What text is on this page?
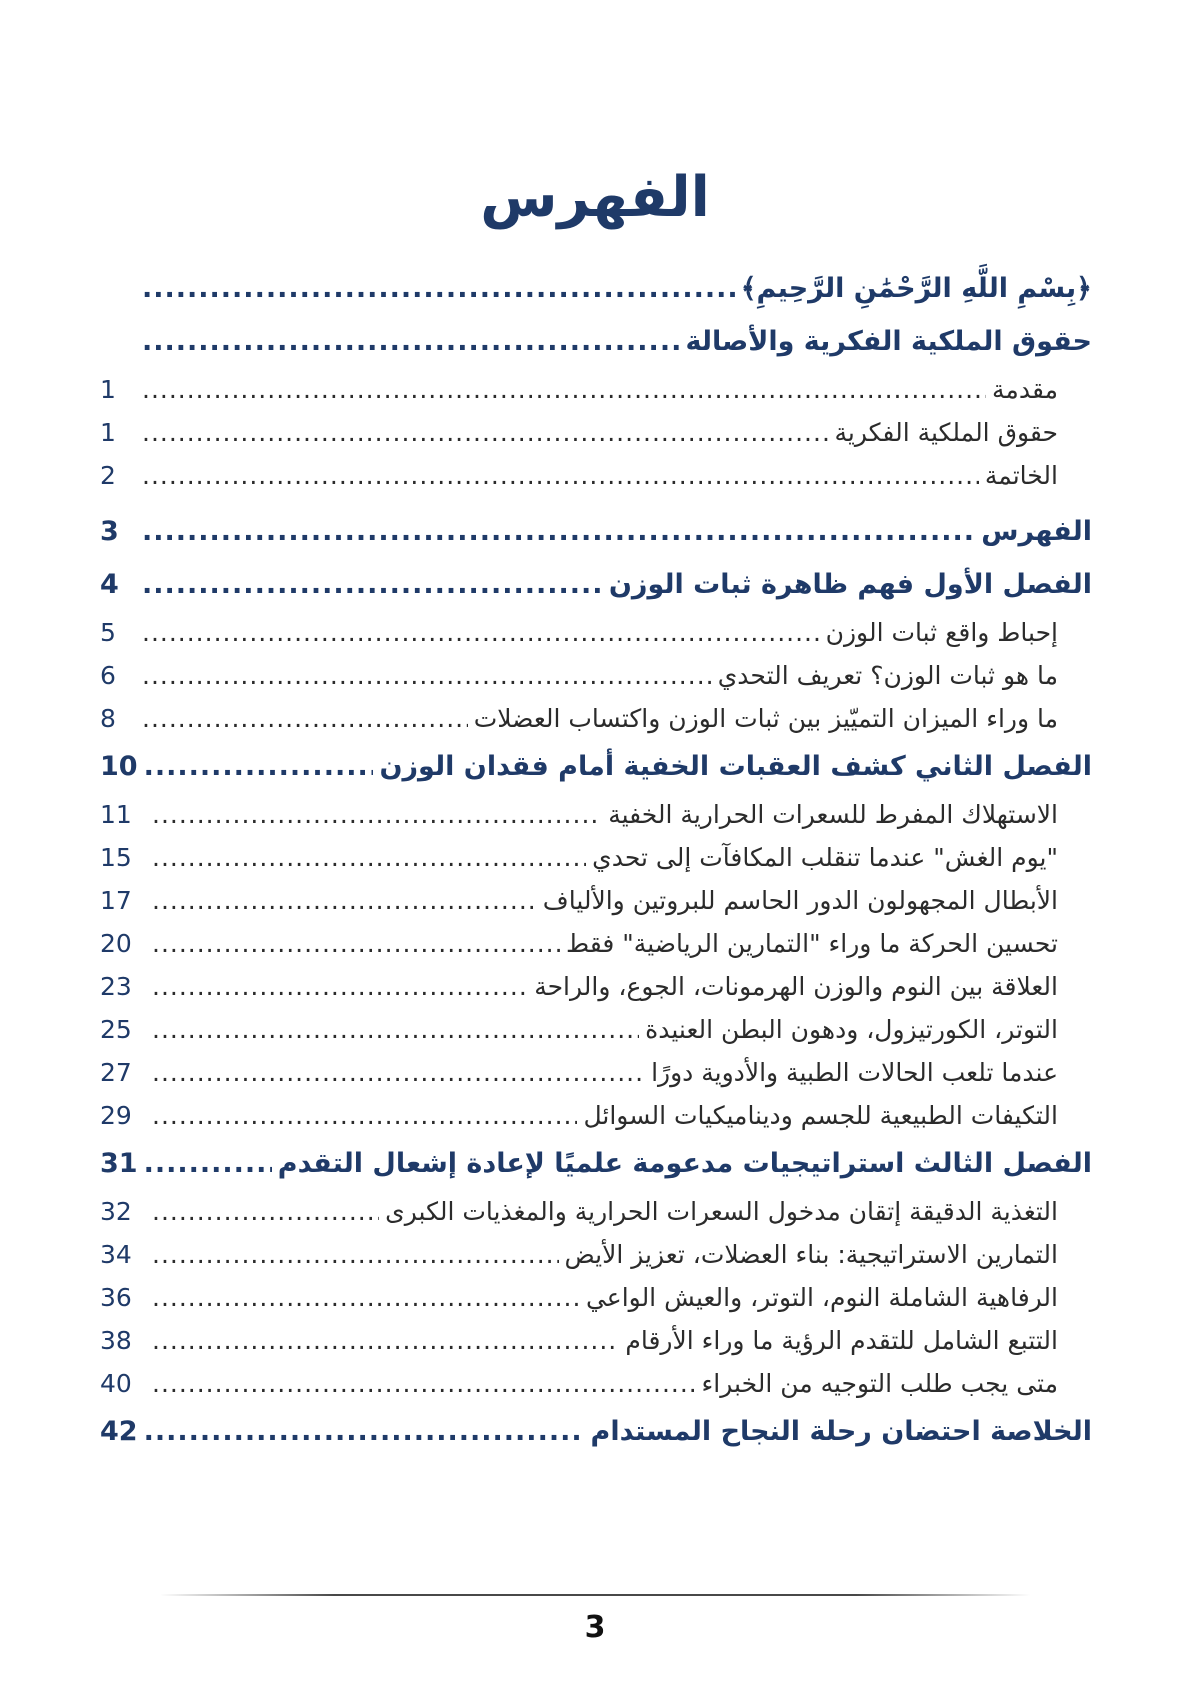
الفهرس
﴿بِسْمِ اللَّهِ الرَّحْمَٰنِ الرَّحِيمِ﴾
.....
حقوق الملكية الفكرية والأصالة
.....
مقدمة
.....
1
حقوق الملكية الفكرية
.....
1
الخاتمة
.....
2
الفهرس
.....
3
الفصل الأول فهم ظاهرة ثبات الوزن
.....
4
إحباط واقع ثبات الوزن
.....
5
ما هو ثبات الوزن؟ تعريف التحدي
.....
6
ما وراء الميزان التميّيز بين ثبات الوزن واكتساب العضلات
.....
8
الفصل الثاني كشف العقبات الخفية أمام فقدان الوزن
.....
10
الاستهلاك المفرط للسعرات الحرارية الخفية
.....
11
"يوم الغش" عندما تنقلب المكافآت إلى تحدي
.....
15
الأبطال المجهولون الدور الحاسم للبروتين والألياف
.....
17
تحسين الحركة ما وراء "التمارين الرياضية" فقط
.....
20
العلاقة بين النوم والوزن الهرمونات، الجوع، والراحة
.....
23
التوتر، الكورتيزول، ودهون البطن العنيدة
.....
25
عندما تلعب الحالات الطبية والأدوية دورًا
.....
27
التكيفات الطبيعية للجسم وديناميكيات السوائل
.....
29
الفصل الثالث استراتيجيات مدعومة علميًا لإعادة إشعال التقدم
.....
31
التغذية الدقيقة إتقان مدخول السعرات الحرارية والمغذيات الكبرى
.....
32
التمارين الاستراتيجية: بناء العضلات، تعزيز الأيض
.....
34
الرفاهية الشاملة النوم، التوتر، والعيش الواعي
.....
36
التتبع الشامل للتقدم الرؤية ما وراء الأرقام
.....
38
متى يجب طلب التوجيه من الخبراء
.....
40
الخلاصة احتضان رحلة النجاح المستدام
.....
42
3
